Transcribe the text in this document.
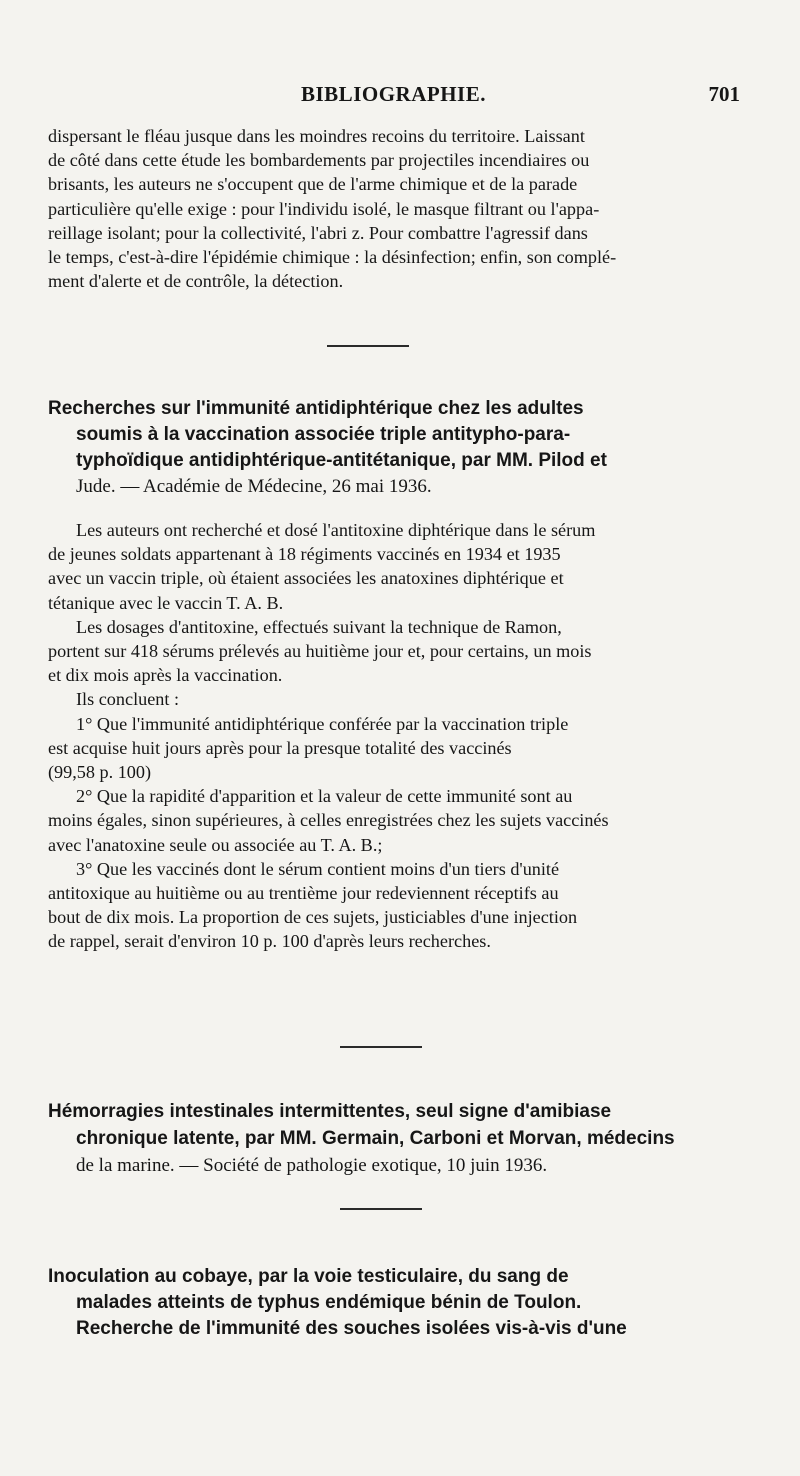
BIBLIOGRAPHIE.	701
dispersant le fléau jusque dans les moindres recoins du territoire. Laissant
de côté dans cette étude les bombardements par projectiles incendiaires ou
brisants, les auteurs ne s'occupent que de l'arme chimique et de la parade
particulière qu'elle exige : pour l'individu isolé, le masque filtrant ou l'appa-
reillage isolant; pour la collectivité, l'abri z. Pour combattre l'agressif dans
le temps, c'est-à-dire l'épidémie chimique : la désinfection; enfin, son complé-
ment d'alerte et de contrôle, la détection.
Recherches sur l'immunité antidiphtérique chez les adultes
soumis à la vaccination associée triple antitypho-para-
typhoïdique antidiphtérique-antitétanique, par MM. Pilod et
Jude. — Académie de Médecine, 26 mai 1936.
Les auteurs ont recherché et dosé l'antitoxine diphtérique dans le sérum
de jeunes soldats appartenant à 18 régiments vaccinés en 1934 et 1935
avec un vaccin triple, où étaient associées les anatoxines diphtérique et
tétanique avec le vaccin T. A. B.
Les dosages d'antitoxine, effectués suivant la technique de Ramon,
portent sur 418 sérums prélevés au huitième jour et, pour certains, un mois
et dix mois après la vaccination.
Ils concluent :
1° Que l'immunité antidiphtérique conférée par la vaccination triple
est acquise huit jours après pour la presque totalité des vaccinés
(99,58 p. 100)
2° Que la rapidité d'apparition et la valeur de cette immunité sont au
moins égales, sinon supérieures, à celles enregistrées chez les sujets vaccinés
avec l'anatoxine seule ou associée au T. A. B.;
3° Que les vaccinés dont le sérum contient moins d'un tiers d'unité
antitoxique au huitième ou au trentième jour redeviennent réceptifs au
bout de dix mois. La proportion de ces sujets, justiciables d'une injection
de rappel, serait d'environ 10 p. 100 d'après leurs recherches.
Hémorragies intestinales intermittentes, seul signe d'amibiase
chronique latente, par MM. Germain, Carboni et Morvan, médecins
de la marine. — Société de pathologie exotique, 10 juin 1936.
Inoculation au cobaye, par la voie testiculaire, du sang de
malades atteints de typhus endémique bénin de Toulon.
Recherche de l'immunité des souches isolées vis-à-vis d'une
